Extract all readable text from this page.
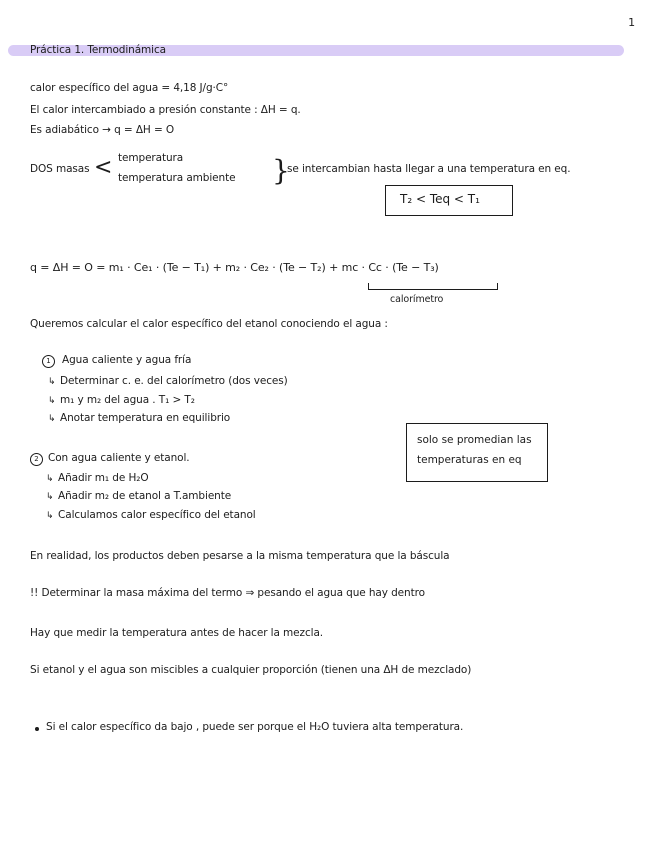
1
Práctica 1. Termodinámica
calor específico del agua = 4,18 J/g·C°
El calor intercambiado a presión constante : ΔH = q.
Es adiabático → q = ΔH = O
DOS masas < temperatura
temperatura ambiente }
se intercambian hasta llegar a una temperatura en eq.
T₂ < Teq < T₁
q = ΔH = O = m₁ · Ce₁ · (Te − T₁) + m₂ · Ce₂ · (Te − T₂) + mc · Cc · (Te − T₃)
calorímetro
Queremos calcular el calor específico del etanol conociendo el agua :
1	Agua caliente y agua fría
↳ Determinar c. e. del calorímetro (dos veces)
↳ m₁ y m₂ del agua . T₁ > T₂
↳ Anotar temperatura en equilibrio
solo se promedian las
temperaturas en eq
2 Con agua caliente y etanol.
↳ Añadir m₁ de H₂O
↳ Añadir m₂ de etanol a T.ambiente
↳ Calculamos calor específico del etanol
En realidad, los productos deben pesarse a la misma temperatura que la báscula
!! Determinar la masa máxima del termo ⇒ pesando el agua que hay dentro
Hay que medir la temperatura antes de hacer la mezcla.
Si etanol y el agua son miscibles a cualquier proporción (tienen una ΔH de mezclado)
Si el calor específico da bajo , puede ser porque el H₂O tuviera alta temperatura.
